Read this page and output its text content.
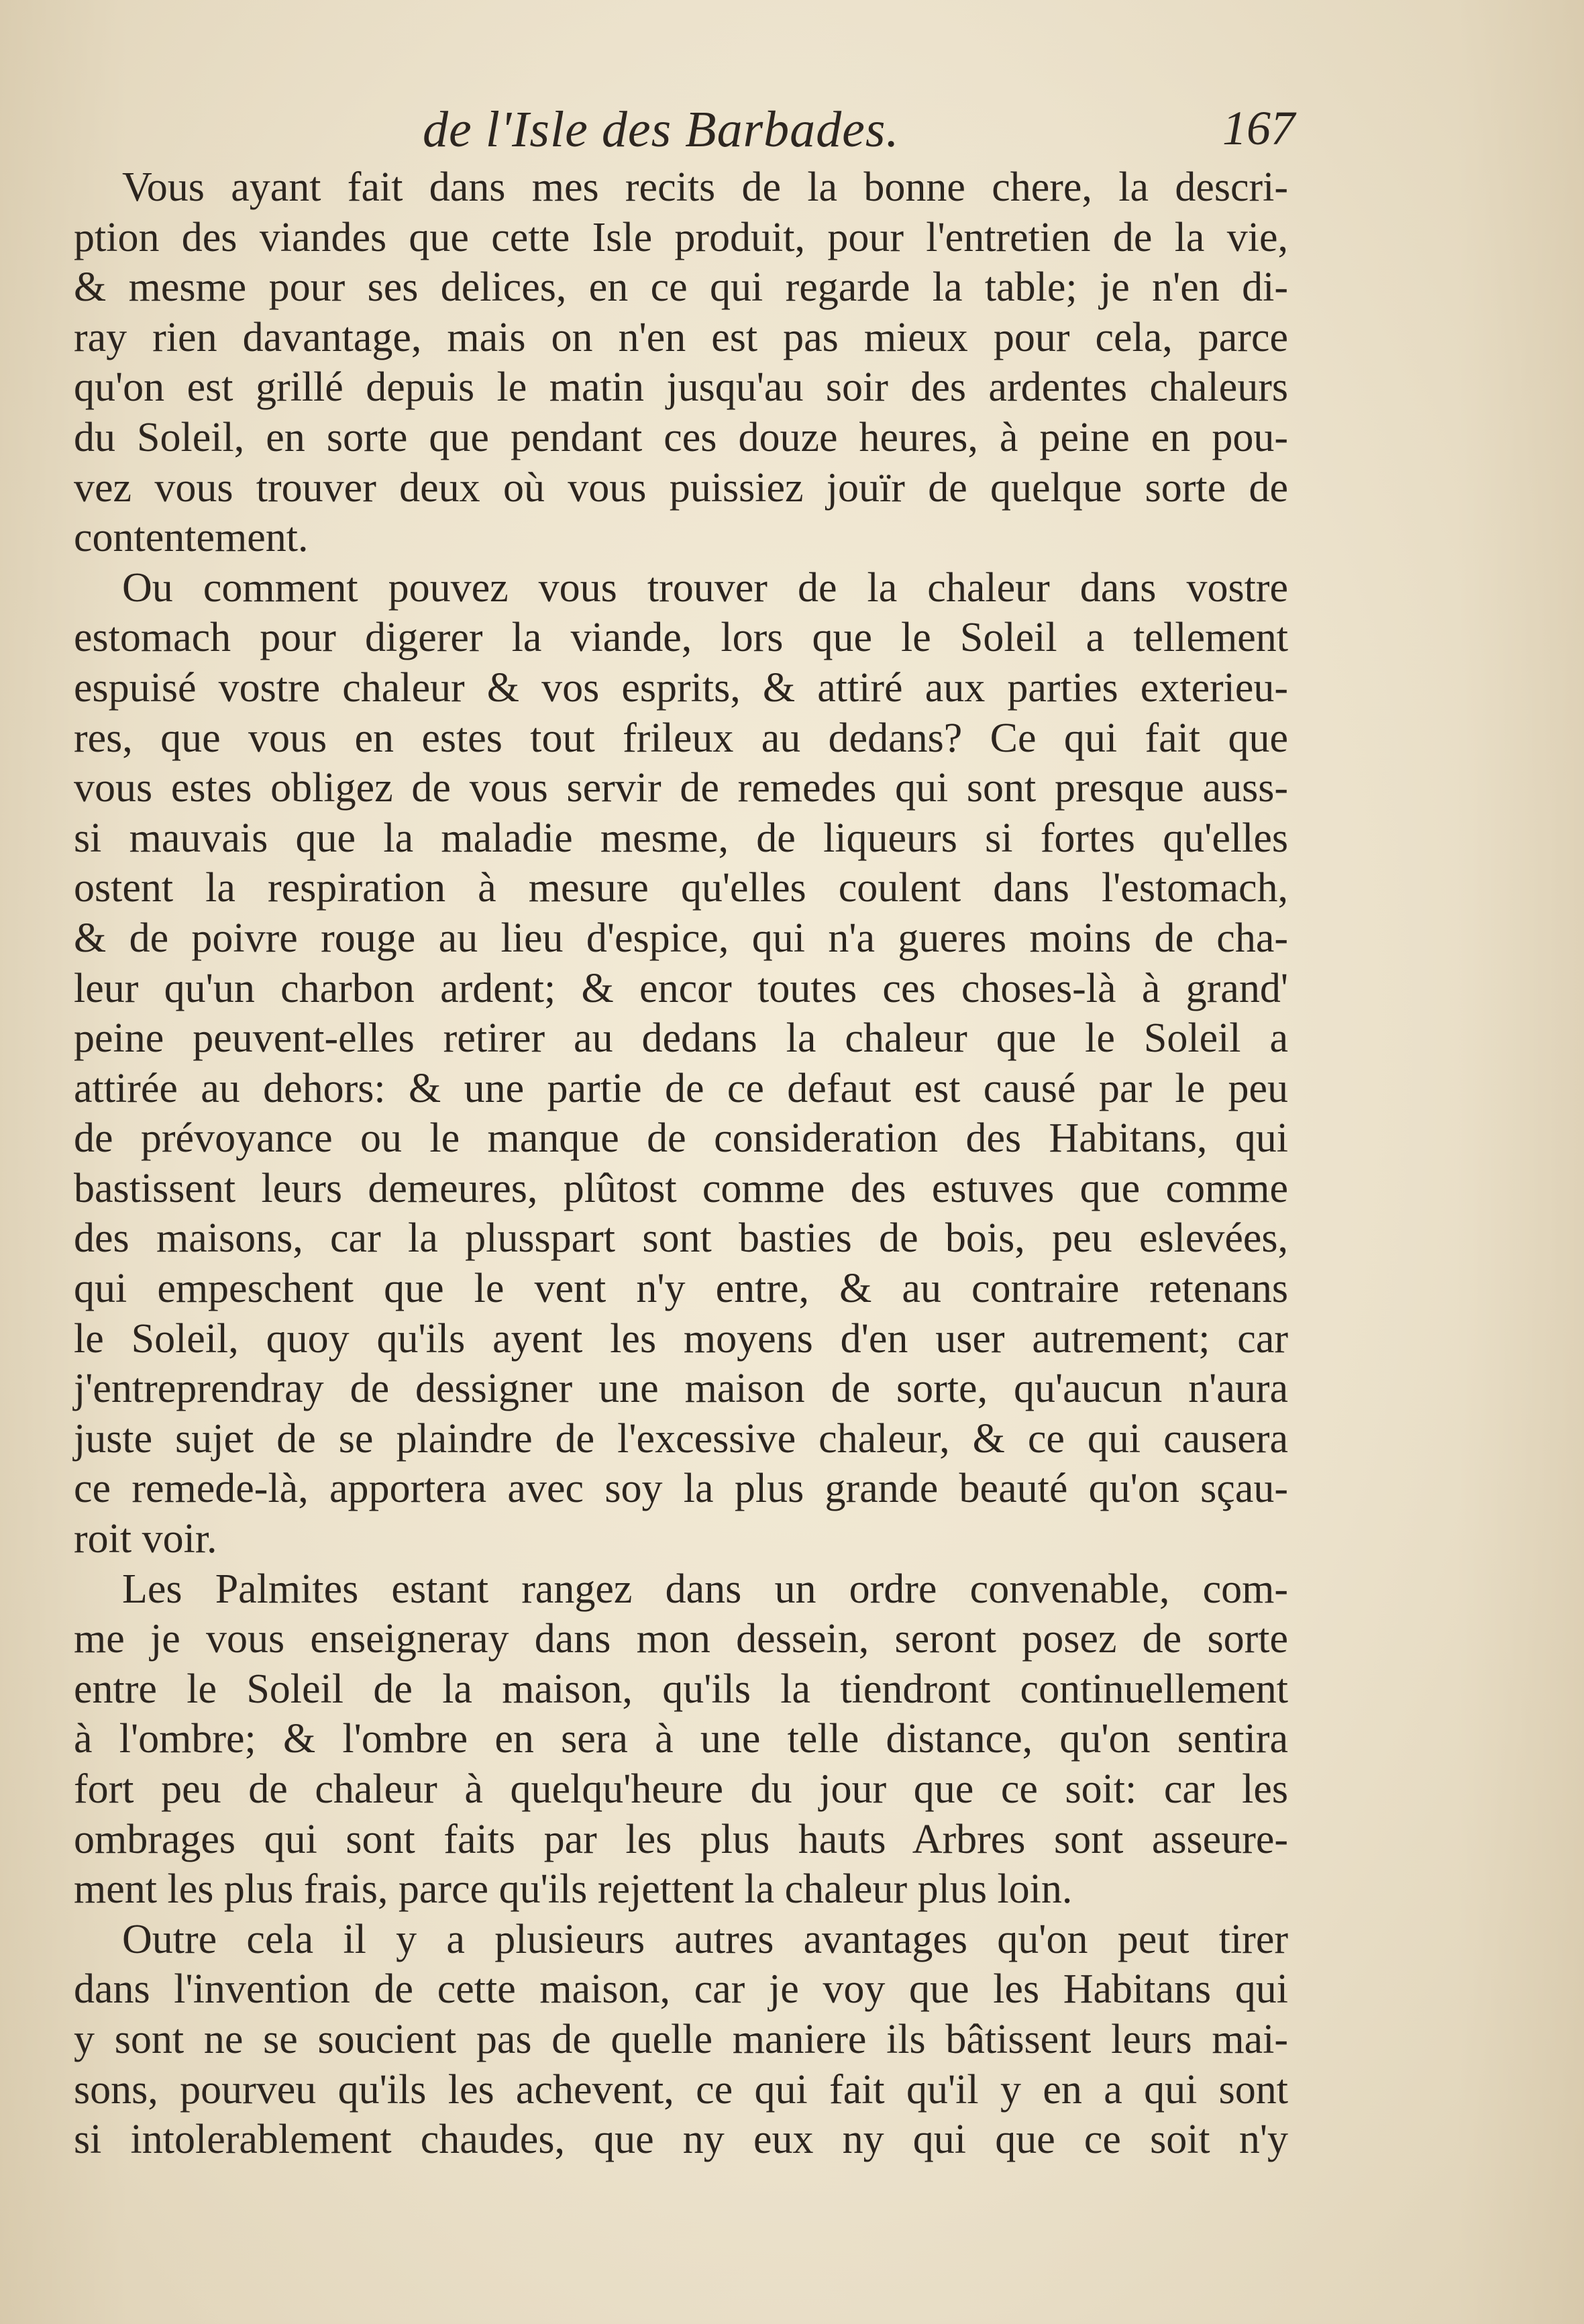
de l'Isle des Barbades.	167
Vous ayant fait dans mes recits de la bonne chere, la descri-
ption des viandes que cette Isle produit, pour l'entretien de la vie,
& mesme pour ses delices, en ce qui regarde la table; je n'en di-
ray rien davantage, mais on n'en est pas mieux pour cela, parce
qu'on est grillé depuis le matin jusqu'au soir des ardentes chaleurs
du Soleil, en sorte que pendant ces douze heures, à peine en pou-
vez vous trouver deux où vous puissiez jouïr de quelque sorte de
contentement.
Ou comment pouvez vous trouver de la chaleur dans vostre
estomach pour digerer la viande, lors que le Soleil a tellement
espuisé vostre chaleur & vos esprits, & attiré aux parties exterieu-
res, que vous en estes tout frileux au dedans? Ce qui fait que
vous estes obligez de vous servir de remedes qui sont presque auss-
si mauvais que la maladie mesme, de liqueurs si fortes qu'elles
ostent la respiration à mesure qu'elles coulent dans l'estomach,
& de poivre rouge au lieu d'espice, qui n'a gueres moins de cha-
leur qu'un charbon ardent; & encor toutes ces choses-là à grand'
peine peuvent-elles retirer au dedans la chaleur que le Soleil a
attirée au dehors: & une partie de ce defaut est causé par le peu
de prévoyance ou le manque de consideration des Habitans, qui
bastissent leurs demeures, plûtost comme des estuves que comme
des maisons, car la plusspart sont basties de bois, peu eslevées,
qui empeschent que le vent n'y entre, & au contraire retenans
le Soleil, quoy qu'ils ayent les moyens d'en user autrement; car
j'entreprendray de dessigner une maison de sorte, qu'aucun n'aura
juste sujet de se plaindre de l'excessive chaleur, & ce qui causera
ce remede-là, apportera avec soy la plus grande beauté qu'on sçau-
roit voir.
Les Palmites estant rangez dans un ordre convenable, com-
me je vous enseigneray dans mon dessein, seront posez de sorte
entre le Soleil de la maison, qu'ils la tiendront continuellement
à l'ombre; & l'ombre en sera à une telle distance, qu'on sentira
fort peu de chaleur à quelqu'heure du jour que ce soit: car les
ombrages qui sont faits par les plus hauts Arbres sont asseure-
ment les plus frais, parce qu'ils rejettent la chaleur plus loin.
Outre cela il y a plusieurs autres avantages qu'on peut tirer
dans l'invention de cette maison, car je voy que les Habitans qui
y sont ne se soucient pas de quelle maniere ils bâtissent leurs mai-
sons, pourveu qu'ils les achevent, ce qui fait qu'il y en a qui sont
si intolerablement chaudes, que ny eux ny qui que ce soit n'y
